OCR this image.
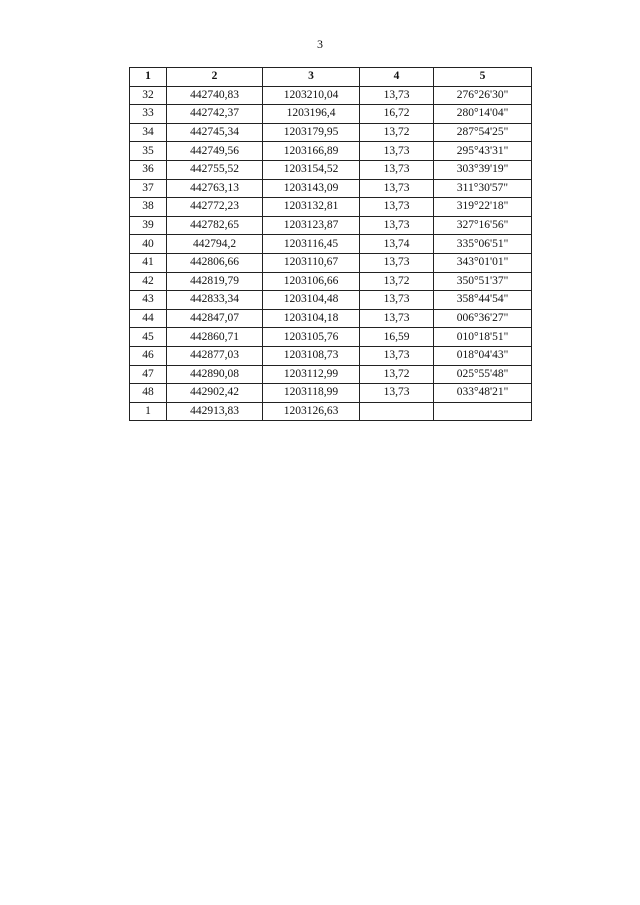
3
1	2	3	4	5
32	442740,83	1203210,04	13,73	276°26'30"
33	442742,37	1203196,4	16,72	280°14'04"
34	442745,34	1203179,95	13,72	287°54'25"
35	442749,56	1203166,89	13,73	295°43'31"
36	442755,52	1203154,52	13,73	303°39'19"
37	442763,13	1203143,09	13,73	311°30'57"
38	442772,23	1203132,81	13,73	319°22'18"
39	442782,65	1203123,87	13,73	327°16'56"
40	442794,2	1203116,45	13,74	335°06'51"
41	442806,66	1203110,67	13,73	343°01'01"
42	442819,79	1203106,66	13,72	350°51'37"
43	442833,34	1203104,48	13,73	358°44'54"
44	442847,07	1203104,18	13,73	006°36'27"
45	442860,71	1203105,76	16,59	010°18'51"
46	442877,03	1203108,73	13,73	018°04'43"
47	442890,08	1203112,99	13,72	025°55'48"
48	442902,42	1203118,99	13,73	033°48'21"
1	442913,83	1203126,63		
